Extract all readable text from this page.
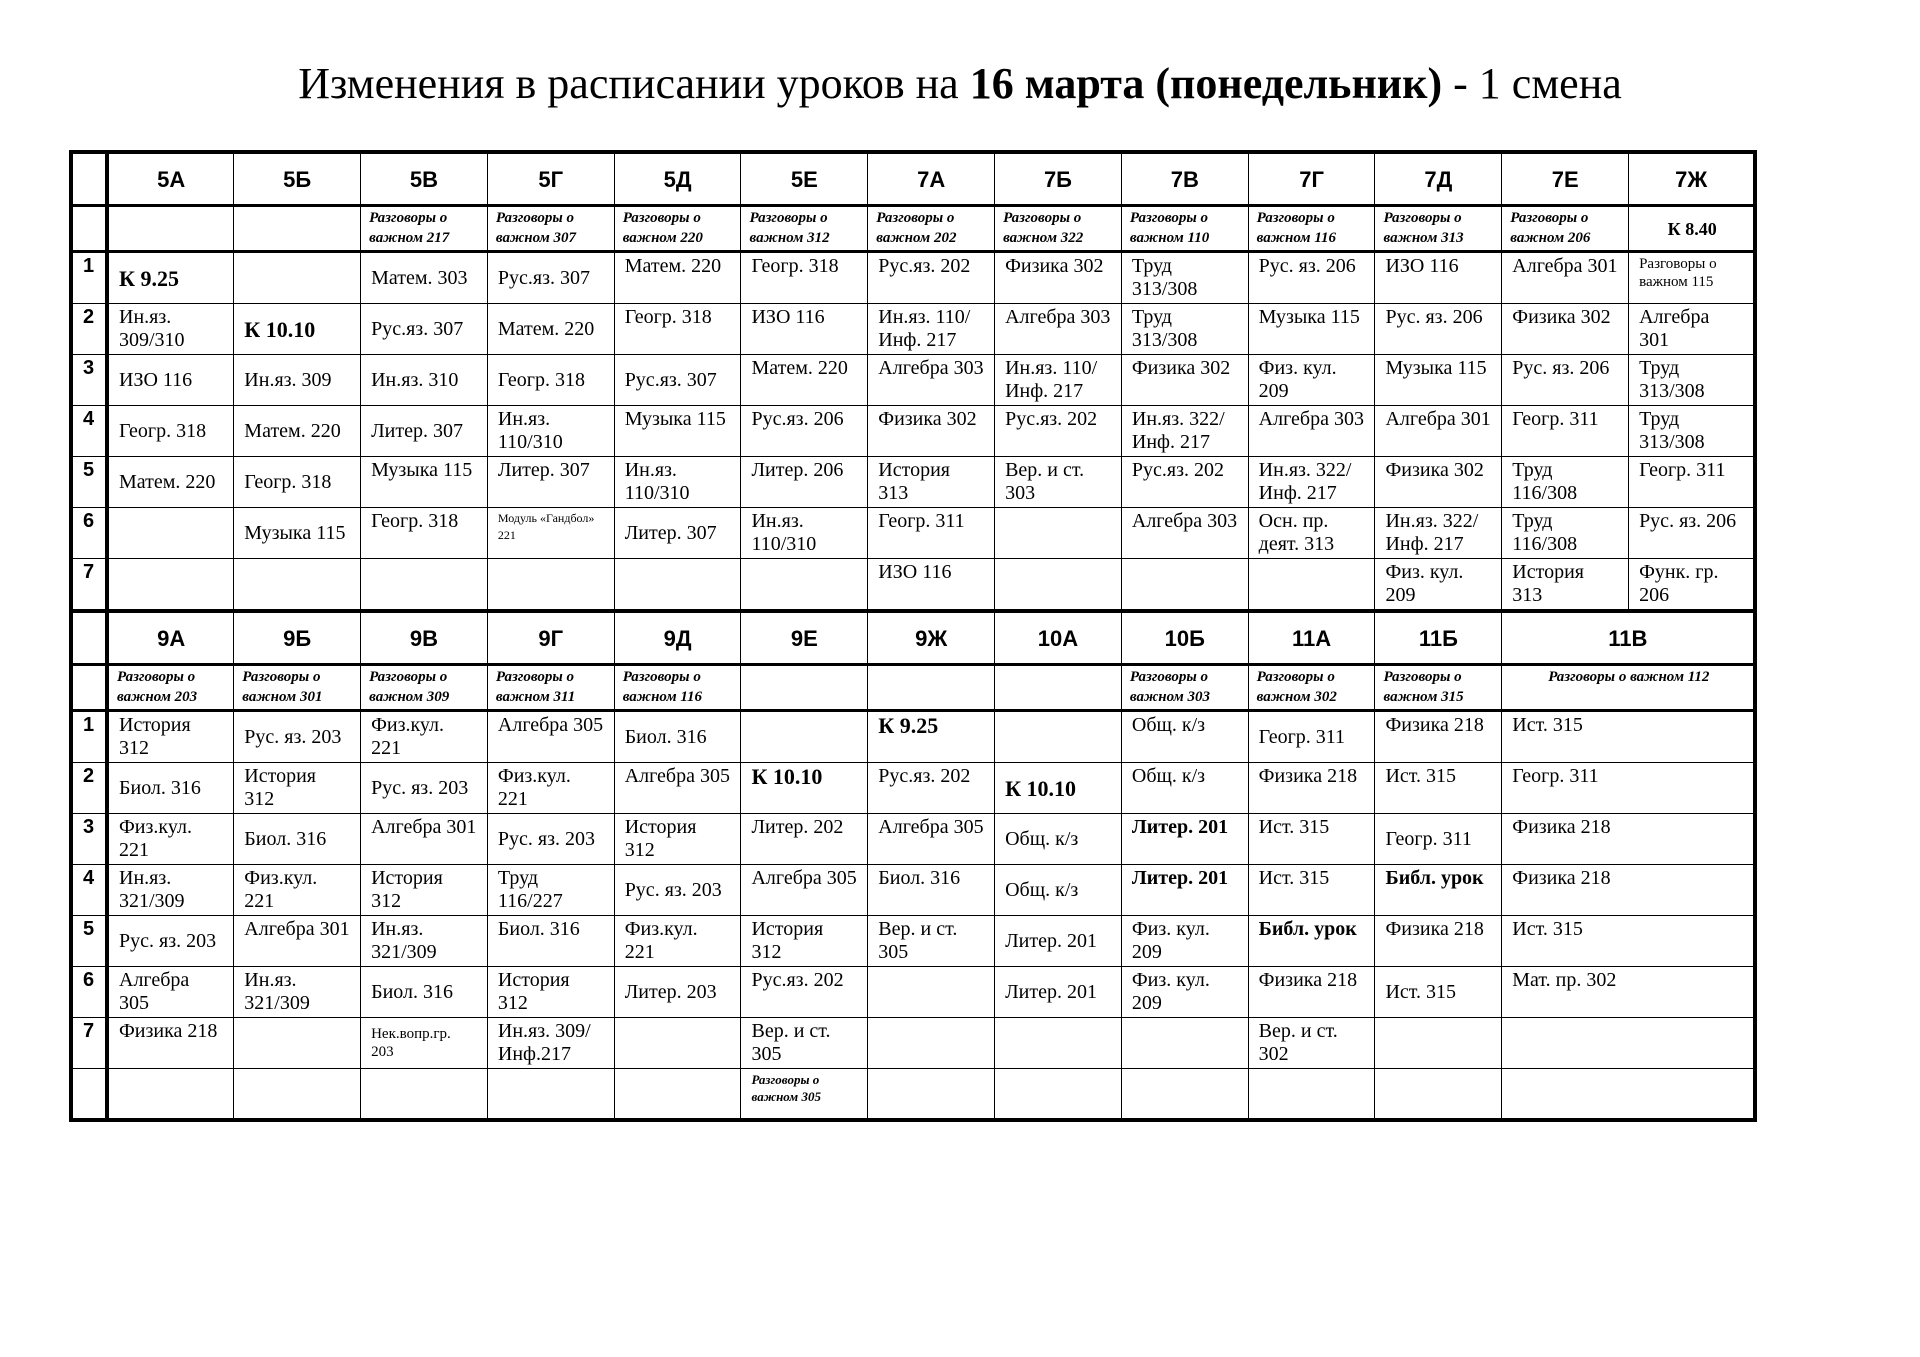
Изменения в расписании уроков на 16 марта (понедельник) - 1 смена
	5А	5Б	5В	5Г	5Д	5Е	7А	7Б	7В	7Г	7Д	7Е	7Ж
			Разговоры о важном 217	Разговоры о важном 307	Разговоры о важном 220	Разговоры о важном 312	Разговоры о важном 202	Разговоры о важном 322	Разговоры о важном 110	Разговоры о важном 116	Разговоры о важном 313	Разговоры о важном 206	К 8.40
1	К 9.25		Матем. 303	Рус.яз. 307	Матем. 220	Геогр. 318	Рус.яз. 202	Физика 302	Труд 313/308	Рус. яз. 206	ИЗО 116	Алгебра 301	Разговоры о важном 115
2	Ин.яз. 309/310	К 10.10	Рус.яз. 307	Матем. 220	Геогр. 318	ИЗО 116	Ин.яз. 110/ Инф. 217	Алгебра 303	Труд 313/308	Музыка 115	Рус. яз. 206	Физика 302	Алгебра 301
3	ИЗО 116	Ин.яз. 309	Ин.яз. 310	Геогр. 318	Рус.яз. 307	Матем. 220	Алгебра 303	Ин.яз. 110/ Инф. 217	Физика 302	Физ. кул. 209	Музыка 115	Рус. яз. 206	Труд 313/308
4	Геогр. 318	Матем. 220	Литер. 307	Ин.яз. 110/310	Музыка 115	Рус.яз. 206	Физика 302	Рус.яз. 202	Ин.яз. 322/ Инф. 217	Алгебра 303	Алгебра 301	Геогр. 311	Труд 313/308
5	Матем. 220	Геогр. 318	Музыка 115	Литер. 307	Ин.яз. 110/310	Литер. 206	История 313	Вер. и ст. 303	Рус.яз. 202	Ин.яз. 322/ Инф. 217	Физика 302	Труд 116/308	Геогр. 311
6		Музыка 115	Геогр. 318	Модуль «Гандбол» 221	Литер. 307	Ин.яз. 110/310	Геогр. 311		Алгебра 303	Осн. пр. деят. 313	Ин.яз. 322/ Инф. 217	Труд 116/308	Рус. яз. 206
7							ИЗО 116				Физ. кул. 209	История 313	Функ. гр. 206
	9А	9Б	9В	9Г	9Д	9Е	9Ж	10А	10Б	11А	11Б	11В	
	Разговоры о важном 203	Разговоры о важном 301	Разговоры о важном 309	Разговоры о важном 311	Разговоры о важном 116				Разговоры о важном 303	Разговоры о важном 302	Разговоры о важном 315	Разговоры о важном 112	
1	История 312	Рус. яз. 203	Физ.кул. 221	Алгебра 305	Биол. 316		К 9.25		Общ. к/з	Геогр. 311	Физика 218	Ист. 315	
2	Биол. 316	История 312	Рус. яз. 203	Физ.кул. 221	Алгебра 305	К 10.10	Рус.яз. 202	К 10.10	Общ. к/з	Физика 218	Ист. 315	Геогр. 311	
3	Физ.кул. 221	Биол. 316	Алгебра 301	Рус. яз. 203	История 312	Литер. 202	Алгебра 305	Общ. к/з	Литер. 201	Ист. 315	Геогр. 311	Физика 218	
4	Ин.яз. 321/309	Физ.кул. 221	История 312	Труд 116/227	Рус. яз. 203	Алгебра 305	Биол. 316	Общ. к/з	Литер. 201	Ист. 315	Библ. урок	Физика 218	
5	Рус. яз. 203	Алгебра 301	Ин.яз. 321/309	Биол. 316	Физ.кул. 221	История 312	Вер. и ст. 305	Литер. 201	Физ. кул. 209	Библ. урок	Физика 218	Ист. 315	
6	Алгебра 305	Ин.яз. 321/309	Биол. 316	История 312	Литер. 203	Рус.яз. 202		Литер. 201	Физ. кул. 209	Физика 218	Ист. 315	Мат. пр. 302	
7	Физика 218		Нек.вопр.гр. 203	Ин.яз. 309/ Инф.217		Вер. и ст. 305				Вер. и ст. 302			
						Разговоры о важном 305							
